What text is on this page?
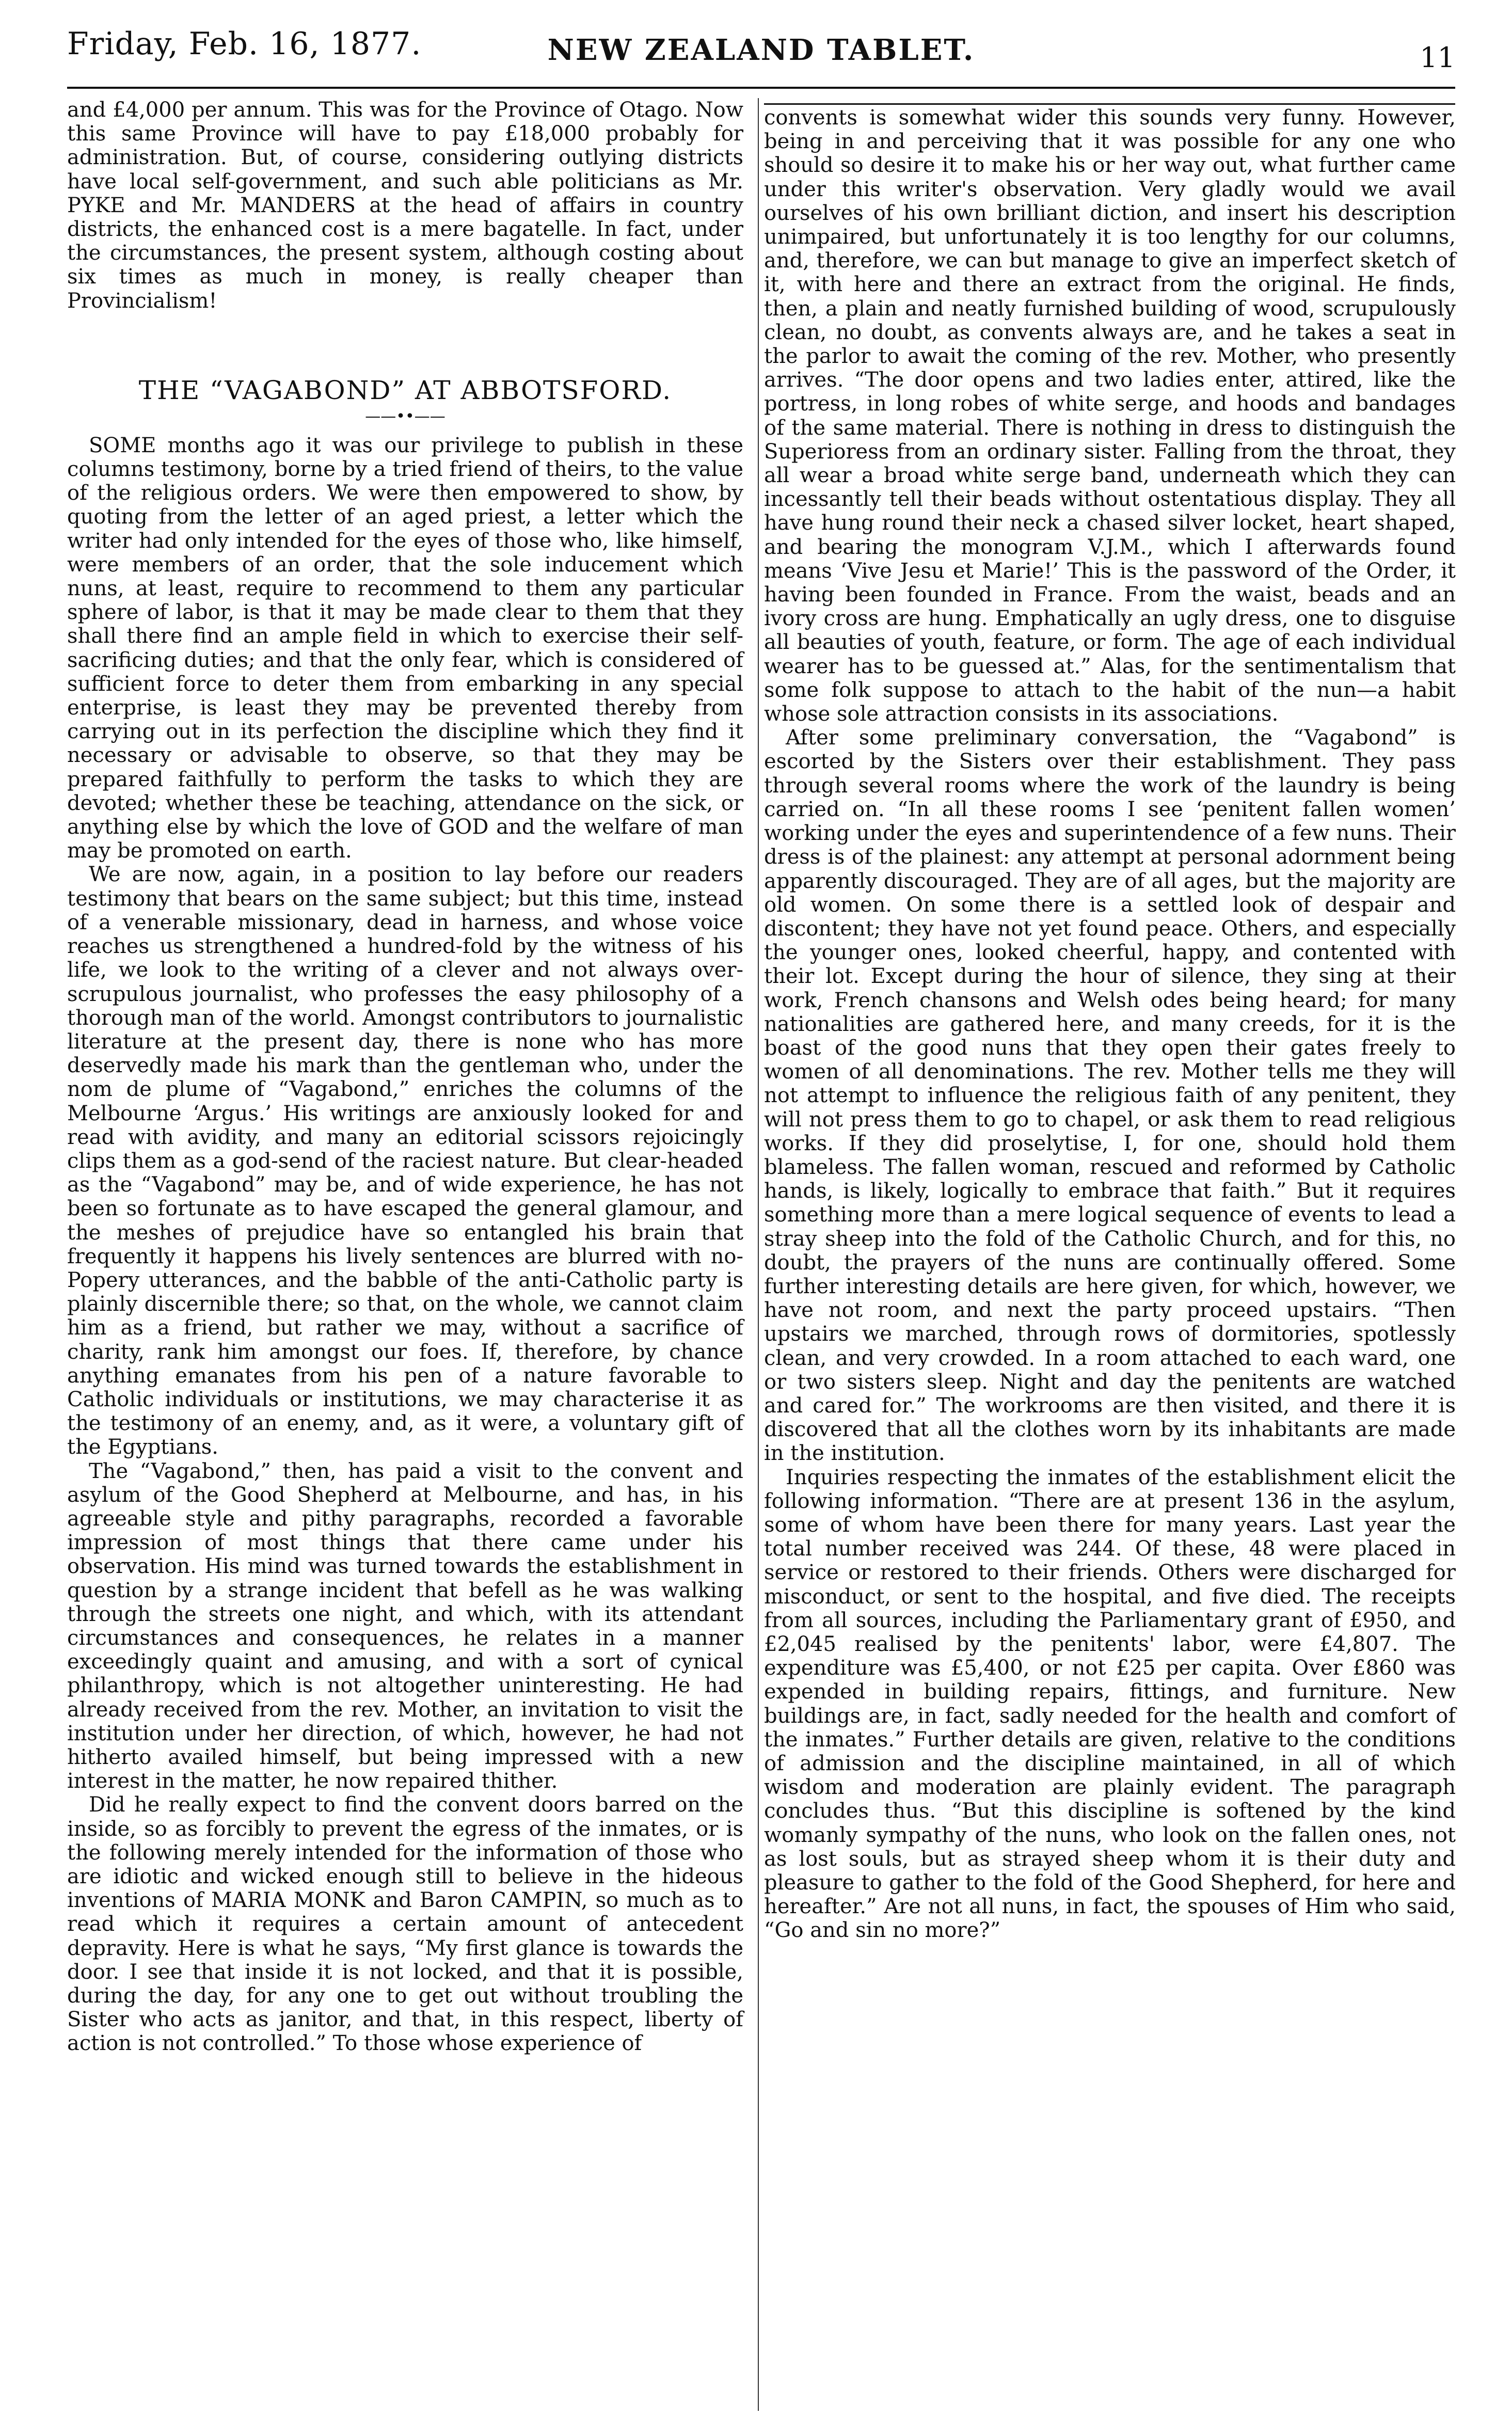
Friday, Feb. 16, 1877.	NEW ZEALAND TABLET.	11

and £4,000 per annum. This was for the Province of Otago. Now this same Province will have to pay £18,000 probably for administration. But, of course, considering outlying districts have local self-government, and such able politicians as Mr. PYKE and Mr. MANDERS at the head of affairs in country districts, the enhanced cost is a mere bagatelle. In fact, under the circumstances, the present system, although costing about six times as much in money, is really cheaper than Provincialism!

THE “VAGABOND” AT ABBOTSFORD.
——••——

SOME months ago it was our privilege to publish in these columns testimony, borne by a tried friend of theirs, to the value of the religious orders. We were then empowered to show, by quoting from the letter of an aged priest, a letter which the writer had only intended for the eyes of those who, like himself, were members of an order, that the sole inducement which nuns, at least, require to recommend to them any particular sphere of labor, is that it may be made clear to them that they shall there find an ample field in which to exercise their self-sacrificing duties; and that the only fear, which is considered of sufficient force to deter them from embarking in any special enterprise, is least they may be prevented thereby from carrying out in its perfection the discipline which they find it necessary or advisable to observe, so that they may be prepared faithfully to perform the tasks to which they are devoted; whether these be teaching, attendance on the sick, or anything else by which the love of GOD and the welfare of man may be promoted on earth.

We are now, again, in a position to lay before our readers testimony that bears on the same subject; but this time, instead of a venerable missionary, dead in harness, and whose voice reaches us strengthened a hundred-fold by the witness of his life, we look to the writing of a clever and not always over-scrupulous journalist, who professes the easy philosophy of a thorough man of the world. Amongst contributors to journalistic literature at the present day, there is none who has more deservedly made his mark than the gentleman who, under the nom de plume of “Vagabond,” enriches the columns of the Melbourne ‘Argus.’ His writings are anxiously looked for and read with avidity, and many an editorial scissors rejoicingly clips them as a god-send of the raciest nature. But clear-headed as the “Vagabond” may be, and of wide experience, he has not been so fortunate as to have escaped the general glamour, and the meshes of prejudice have so entangled his brain that frequently it happens his lively sentences are blurred with no-Popery utterances, and the babble of the anti-Catholic party is plainly discernible there; so that, on the whole, we cannot claim him as a friend, but rather we may, without a sacrifice of charity, rank him amongst our foes. If, therefore, by chance anything emanates from his pen of a nature favorable to Catholic individuals or institutions, we may characterise it as the testimony of an enemy, and, as it were, a voluntary gift of the Egyptians.

The “Vagabond,” then, has paid a visit to the convent and asylum of the Good Shepherd at Melbourne, and has, in his agreeable style and pithy paragraphs, recorded a favorable impression of most things that there came under his observation. His mind was turned towards the establishment in question by a strange incident that befell as he was walking through the streets one night, and which, with its attendant circumstances and consequences, he relates in a manner exceedingly quaint and amusing, and with a sort of cynical philanthropy, which is not altogether uninteresting. He had already received from the rev. Mother, an invitation to visit the institution under her direction, of which, however, he had not hitherto availed himself, but being impressed with a new interest in the matter, he now repaired thither.

Did he really expect to find the convent doors barred on the inside, so as forcibly to prevent the egress of the inmates, or is the following merely intended for the information of those who are idiotic and wicked enough still to believe in the hideous inventions of MARIA MONK and Baron CAMPIN, so much as to read which it requires a certain amount of antecedent depravity. Here is what he says, “My first glance is towards the door. I see that inside it is not locked, and that it is possible, during the day, for any one to get out without troubling the Sister who acts as janitor, and that, in this respect, liberty of action is not controlled.” To those whose experience of

convents is somewhat wider this sounds very funny. However, being in and perceiving that it was possible for any one who should so desire it to make his or her way out, what further came under this writer's observation. Very gladly would we avail ourselves of his own brilliant diction, and insert his description unimpaired, but unfortunately it is too lengthy for our columns, and, therefore, we can but manage to give an imperfect sketch of it, with here and there an extract from the original. He finds, then, a plain and neatly furnished building of wood, scrupulously clean, no doubt, as convents always are, and he takes a seat in the parlor to await the coming of the rev. Mother, who presently arrives. “The door opens and two ladies enter, attired, like the portress, in long robes of white serge, and hoods and bandages of the same material. There is nothing in dress to distinguish the Superioress from an ordinary sister. Falling from the throat, they all wear a broad white serge band, underneath which they can incessantly tell their beads without ostentatious display. They all have hung round their neck a chased silver locket, heart shaped, and bearing the monogram V.J.M., which I afterwards found means ‘Vive Jesu et Marie!’ This is the password of the Order, it having been founded in France. From the waist, beads and an ivory cross are hung. Emphatically an ugly dress, one to disguise all beauties of youth, feature, or form. The age of each individual wearer has to be guessed at.” Alas, for the sentimentalism that some folk suppose to attach to the habit of the nun—a habit whose sole attraction consists in its associations.

After some preliminary conversation, the “Vagabond” is escorted by the Sisters over their establishment. They pass through several rooms where the work of the laundry is being carried on. “In all these rooms I see ‘penitent fallen women’ working under the eyes and superintendence of a few nuns. Their dress is of the plainest: any attempt at personal adornment being apparently discouraged. They are of all ages, but the majority are old women. On some there is a settled look of despair and discontent; they have not yet found peace. Others, and especially the younger ones, looked cheerful, happy, and contented with their lot. Except during the hour of silence, they sing at their work, French chansons and Welsh odes being heard; for many nationalities are gathered here, and many creeds, for it is the boast of the good nuns that they open their gates freely to women of all denominations. The rev. Mother tells me they will not attempt to influence the religious faith of any penitent, they will not press them to go to chapel, or ask them to read religious works. If they did proselytise, I, for one, should hold them blameless. The fallen woman, rescued and reformed by Catholic hands, is likely, logically to embrace that faith.” But it requires something more than a mere logical sequence of events to lead a stray sheep into the fold of the Catholic Church, and for this, no doubt, the prayers of the nuns are continually offered. Some further interesting details are here given, for which, however, we have not room, and next the party proceed upstairs. “Then upstairs we marched, through rows of dormitories, spotlessly clean, and very crowded. In a room attached to each ward, one or two sisters sleep. Night and day the penitents are watched and cared for.” The workrooms are then visited, and there it is discovered that all the clothes worn by its inhabitants are made in the institution.

Inquiries respecting the inmates of the establishment elicit the following information. “There are at present 136 in the asylum, some of whom have been there for many years. Last year the total number received was 244. Of these, 48 were placed in service or restored to their friends. Others were discharged for misconduct, or sent to the hospital, and five died. The receipts from all sources, including the Parliamentary grant of £950, and £2,045 realised by the penitents' labor, were £4,807. The expenditure was £5,400, or not £25 per capita. Over £860 was expended in building repairs, fittings, and furniture. New buildings are, in fact, sadly needed for the health and comfort of the inmates.” Further details are given, relative to the conditions of admission and the discipline maintained, in all of which wisdom and moderation are plainly evident. The paragraph concludes thus. “But this discipline is softened by the kind womanly sympathy of the nuns, who look on the fallen ones, not as lost souls, but as strayed sheep whom it is their duty and pleasure to gather to the fold of the Good Shepherd, for here and hereafter.” Are not all nuns, in fact, the spouses of Him who said, “Go and sin no more?”
